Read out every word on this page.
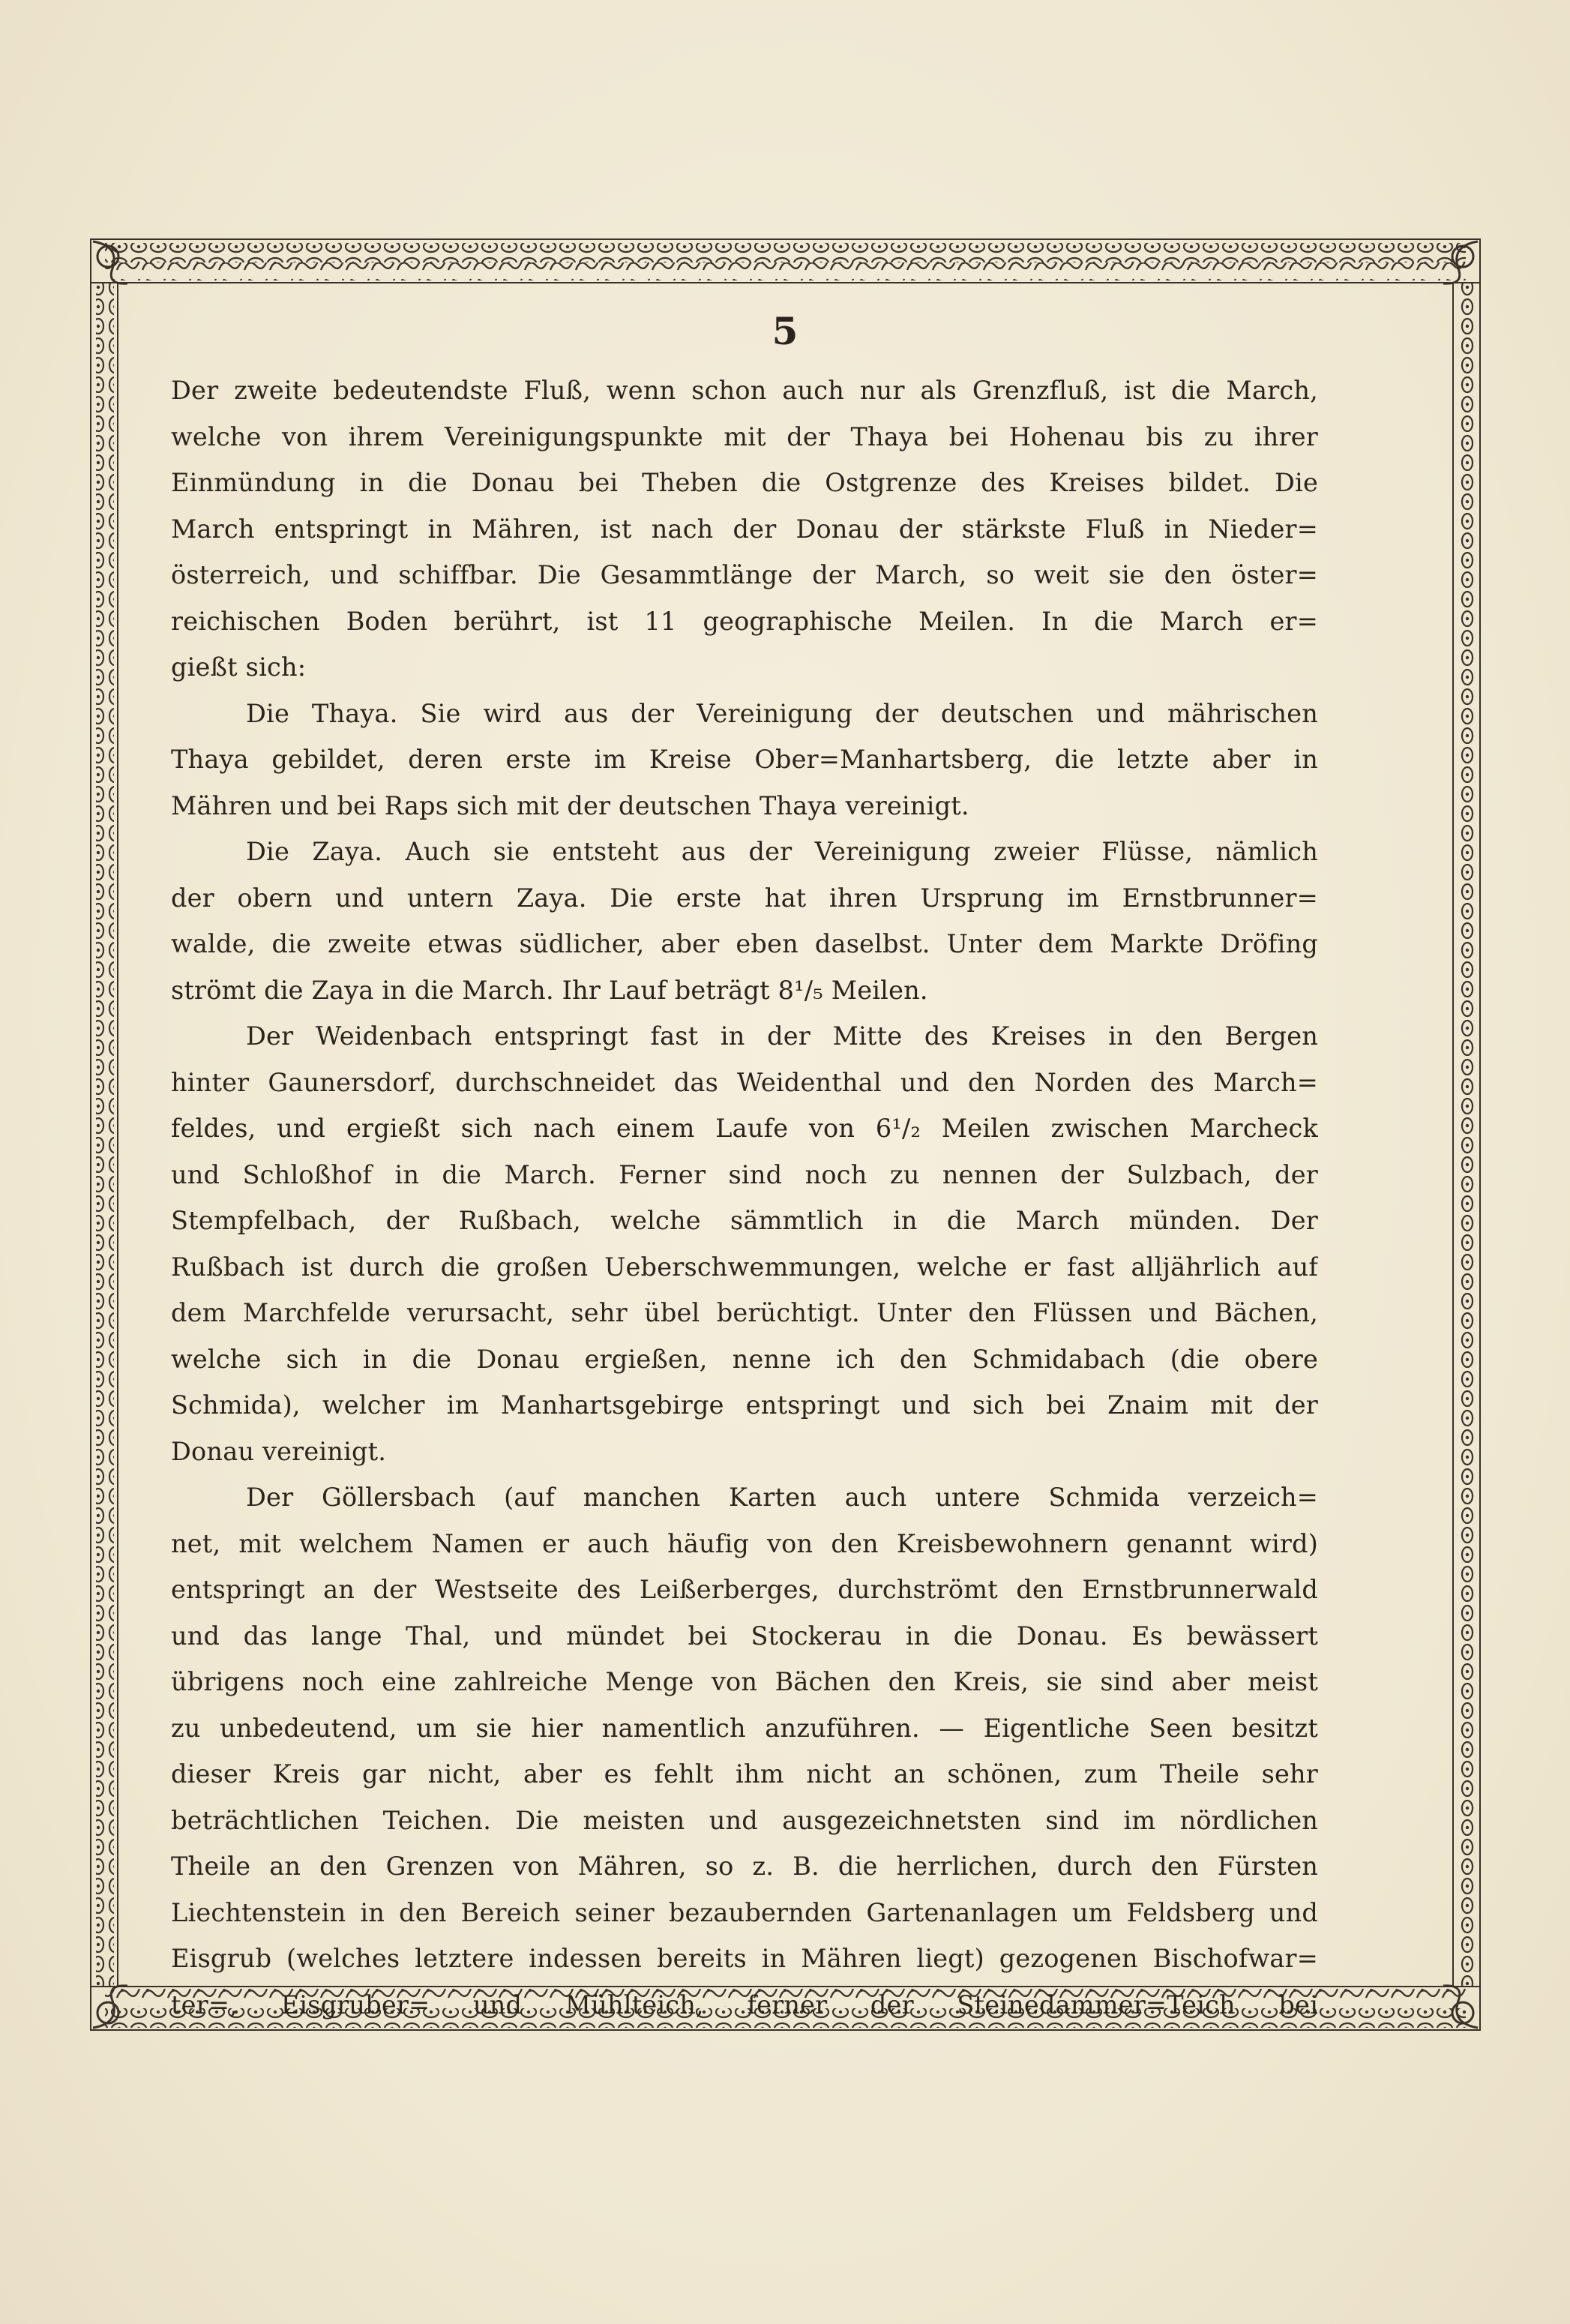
5

Der zweite bedeutendste Fluß, wenn schon auch nur als Grenzfluß, ist die March,
welche von ihrem Vereinigungspunkte mit der Thaya bei Hohenau bis zu ihrer
Einmündung in die Donau bei Theben die Ostgrenze des Kreises bildet. Die
March entspringt in Mähren, ist nach der Donau der stärkste Fluß in Nieder=
österreich, und schiffbar. Die Gesammtlänge der March, so weit sie den öster=
reichischen Boden berührt, ist 11 geographische Meilen. In die March er=
gießt sich:

Die Thaya. Sie wird aus der Vereinigung der deutschen und mährischen
Thaya gebildet, deren erste im Kreise Ober=Manhartsberg, die letzte aber in
Mähren und bei Raps sich mit der deutschen Thaya vereinigt.

Die Zaya. Auch sie entsteht aus der Vereinigung zweier Flüsse, nämlich
der obern und untern Zaya. Die erste hat ihren Ursprung im Ernstbrunner=
walde, die zweite etwas südlicher, aber eben daselbst. Unter dem Markte Dröfing
strömt die Zaya in die March. Ihr Lauf beträgt 8¹/₅ Meilen.

Der Weidenbach entspringt fast in der Mitte des Kreises in den Bergen
hinter Gaunersdorf, durchschneidet das Weidenthal und den Norden des March=
feldes, und ergießt sich nach einem Laufe von 6¹/₂ Meilen zwischen Marcheck
und Schloßhof in die March. Ferner sind noch zu nennen der Sulzbach, der
Stempfelbach, der Rußbach, welche sämmtlich in die March münden. Der
Rußbach ist durch die großen Ueberschwemmungen, welche er fast alljährlich auf
dem Marchfelde verursacht, sehr übel berüchtigt. Unter den Flüssen und Bächen,
welche sich in die Donau ergießen, nenne ich den Schmidabach (die obere
Schmida), welcher im Manhartsgebirge entspringt und sich bei Znaim mit der
Donau vereinigt.

Der Göllersbach (auf manchen Karten auch untere Schmida verzeich=
net, mit welchem Namen er auch häufig von den Kreisbewohnern genannt wird)
entspringt an der Westseite des Leißerberges, durchströmt den Ernstbrunnerwald
und das lange Thal, und mündet bei Stockerau in die Donau. Es bewässert
übrigens noch eine zahlreiche Menge von Bächen den Kreis, sie sind aber meist
zu unbedeutend, um sie hier namentlich anzuführen. — Eigentliche Seen besitzt
dieser Kreis gar nicht, aber es fehlt ihm nicht an schönen, zum Theile sehr
beträchtlichen Teichen. Die meisten und ausgezeichnetsten sind im nördlichen
Theile an den Grenzen von Mähren, so z. B. die herrlichen, durch den Fürsten
Liechtenstein in den Bereich seiner bezaubernden Gartenanlagen um Feldsberg und
Eisgrub (welches letztere indessen bereits in Mähren liegt) gezogenen Bischofwar=
ter=, Eisgruber= und Mühlteich, ferner der Steinedammer=Teich bei
